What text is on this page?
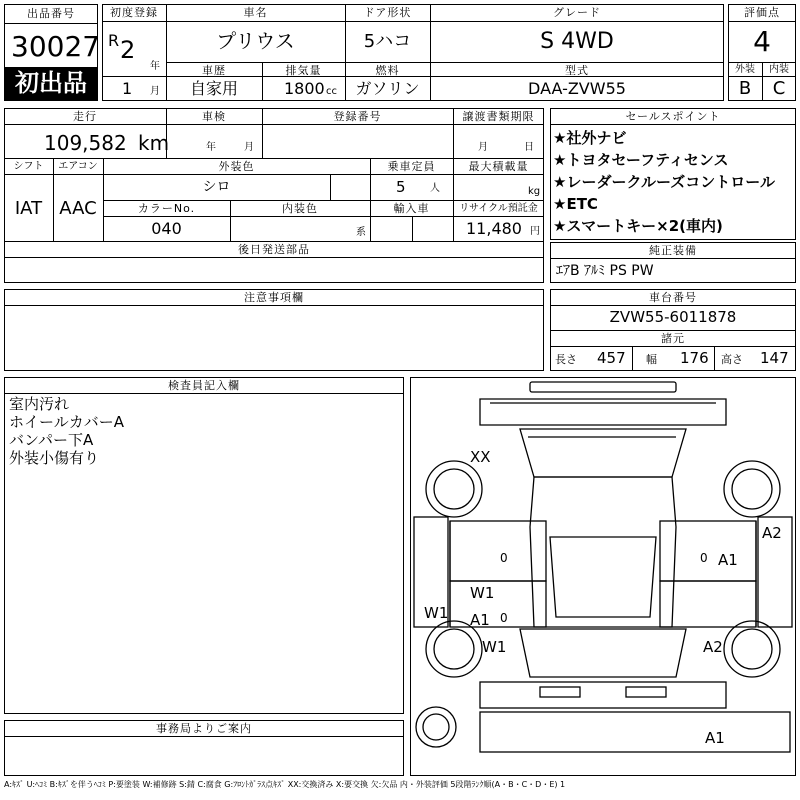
出品番号
30027
初出品
初度登録
R 2
年
1 月
車名
プリウス
ドア形状
5ハコ
グレード
S 4WD
車歴
自家用
排気量
1800 cc
燃料
ガソリン
型式
DAA-ZVW55
評価点
4
外装	内装
B	C
走行
109,582 km
車検
年	月
登録番号	譲渡書類期限
月	日
シフト
IAT
エアコン
AAC
外装色
シロ
乗車定員
5 人
最大積載量
kg
カラーNo.
040
内装色
系
輸入車	リサイクル預託金
11,480 円
後日発送部品
セールスポイント
★社外ナビ
★トヨタセーフティセンス
★レーダークルーズコントロール
★ETC
★スマートキー×2(車内)
純正装備
ｴｱB ｱﾙﾐ PS PW
注意事項欄	車台番号
ZVW55-6011878
諸元
長さ 457 幅 176 高さ 147
検査員記入欄
室内汚れ
ホイールカバーA
バンパー下A
外装小傷有り
事務局よりご案内
XX
A2
0	0 A1
W1
W1 A1 0
W1	A2
A1
A:ｷｽﾞ U:ﾍｺﾐ B:ｷｽﾞを伴うﾍｺﾐ P:要塗装 W:補修跡 S:錆 C:腐食 G:ﾌﾛﾝﾄｶﾞﾗｽ点ｷｽﾞ XX:交換済み X:要交換 欠:欠品 内・外装評価 5段階ﾗﾝｸ順(A・B・C・D・E) 1
